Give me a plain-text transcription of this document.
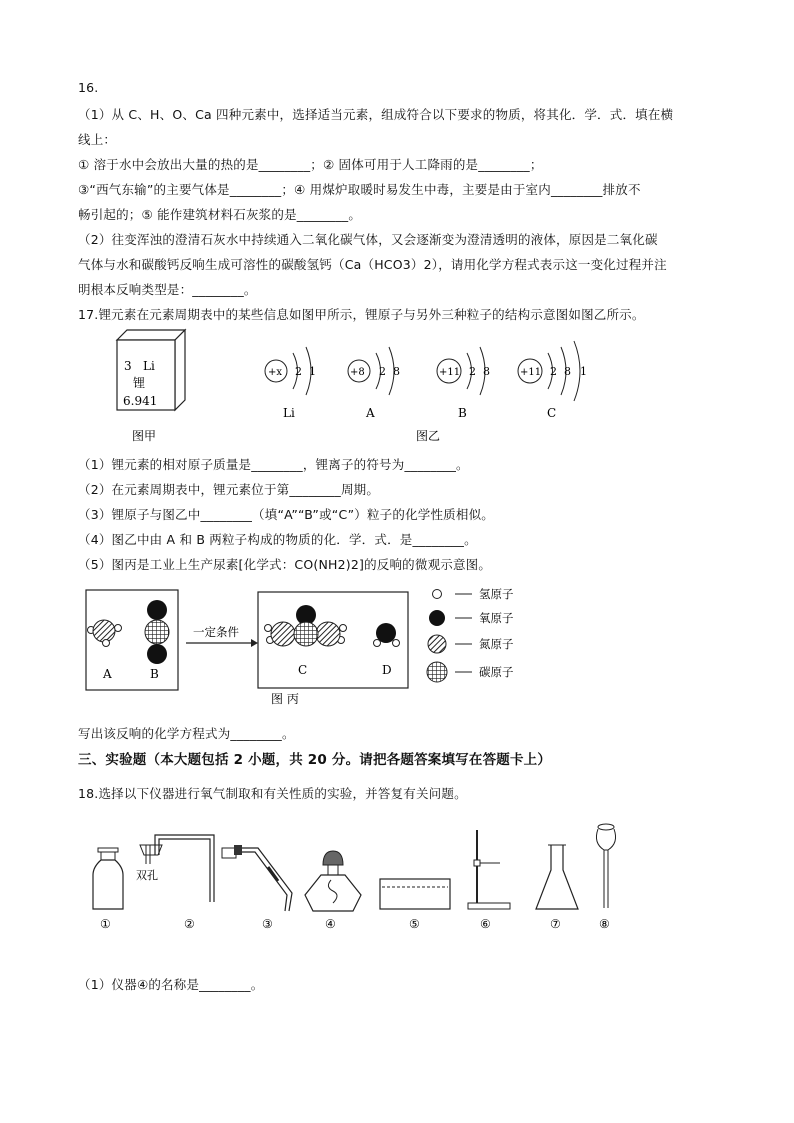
16.
（1）从 C、H、O、Ca 四种元素中，选择适当元素，组成符合以下要求的物质，将其化．学．式．填在横
线上：
① 溶于水中会放出大量的热的是________；② 固体可用于人工降雨的是________；
③“西气东输”的主要气体是________；④ 用煤炉取暖时易发生中毒，主要是由于室内________排放不
畅引起的；⑤ 能作建筑材料石灰浆的是________。
（2）往变浑浊的澄清石灰水中持续通入二氧化碳气体，又会逐渐变为澄清透明的液体，原因是二氧化碳
气体与水和碳酸钙反响生成可溶性的碳酸氢钙（Ca（HCO3）2），请用化学方程式表示这一变化过程并注
明根本反响类型是：________。
17.锂元素在元素周期表中的某些信息如图甲所示，锂原子与另外三种粒子的结构示意图如图乙所示。
3 Li
锂
6.941
图甲
+x 2 1
Li
+8 2 8
A
+11 2 8
B
+11 2 8 1
C
图乙
（1）锂元素的相对原子质量是________，锂离子的符号为________。
（2）在元素周期表中，锂元素位于第________周期。
（3）锂原子与图乙中________（填“A”“B”或“C”）粒子的化学性质相似。
（4）图乙中由 A 和 B 两粒子构成的物质的化．学．式．是________。
（5）图丙是工业上生产尿素[化学式：CO(NH2)2]的反响的微观示意图。
A	B
一定条件
C	D
图 丙
氢原子
氧原子
氮原子
碳原子
写出该反响的化学方程式为________。
三、实验题（本大题包括 2 小题，共 20 分。请把各题答案填写在答题卡上）
18.选择以下仪器进行氧气制取和有关性质的实验，并答复有关问题。
①
双孔
②	③	④	⑤	⑥	⑦	⑧
（1）仪器④的名称是________。
